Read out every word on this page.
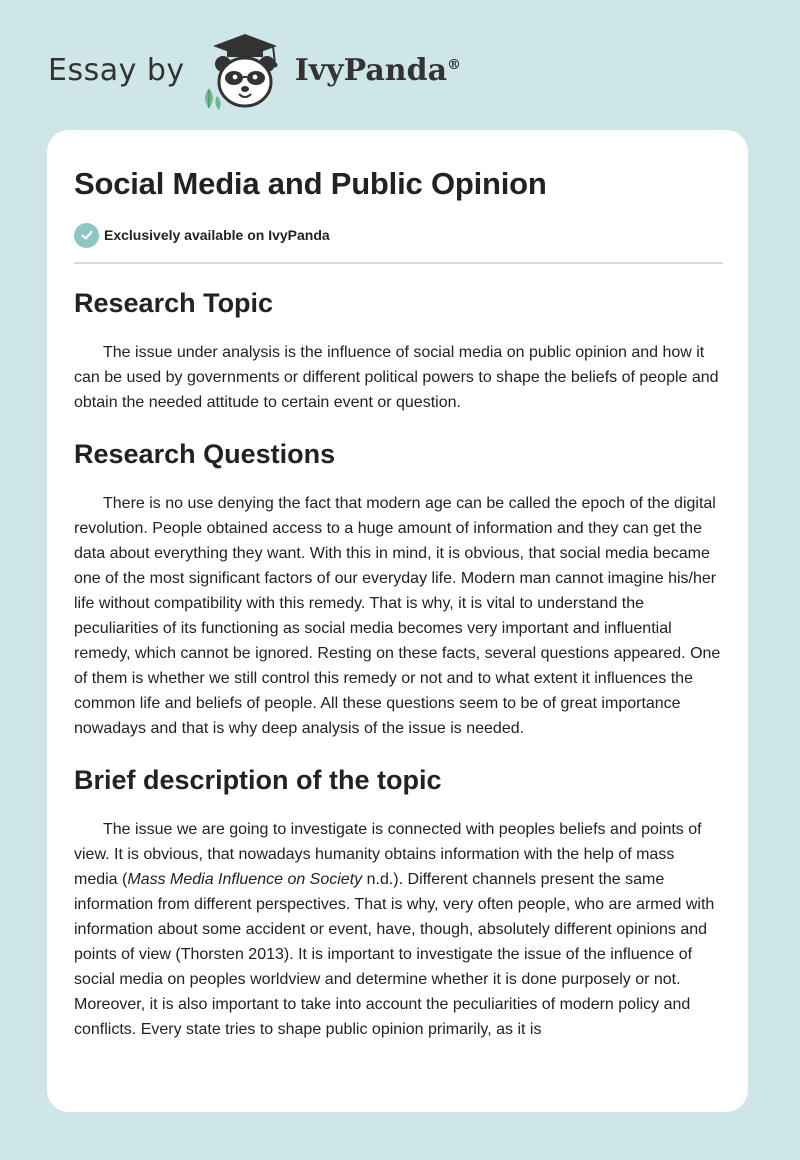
Essay by	IvyPanda®
Social Media and Public Opinion
Exclusively available on IvyPanda
Research Topic

The issue under analysis is the influence of social media on public opinion and how it can be used by governments or different political powers to shape the beliefs of people and obtain the needed attitude to certain event or question.

Research Questions

There is no use denying the fact that modern age can be called the epoch of the digital revolution. People obtained access to a huge amount of information and they can get the data about everything they want. With this in mind, it is obvious, that social media became one of the most significant factors of our everyday life. Modern man cannot imagine his/her life without compatibility with this remedy. That is why, it is vital to understand the peculiarities of its functioning as social media becomes very important and influential remedy, which cannot be ignored. Resting on these facts, several questions appeared. One of them is whether we still control this remedy or not and to what extent it influences the common life and beliefs of people. All these questions seem to be of great importance nowadays and that is why deep analysis of the issue is needed.

Brief description of the topic

The issue we are going to investigate is connected with peoples beliefs and points of view. It is obvious, that nowadays humanity obtains information with the help of mass media (Mass Media Influence on Society n.d.). Different channels present the same information from different perspectives. That is why, very often people, who are armed with information about some accident or event, have, though, absolutely different opinions and points of view (Thorsten 2013). It is important to investigate the issue of the influence of social media on peoples worldview and determine whether it is done purposely or not. Moreover, it is also important to take into account the peculiarities of modern policy and conflicts. Every state tries to shape public opinion primarily, as it is
